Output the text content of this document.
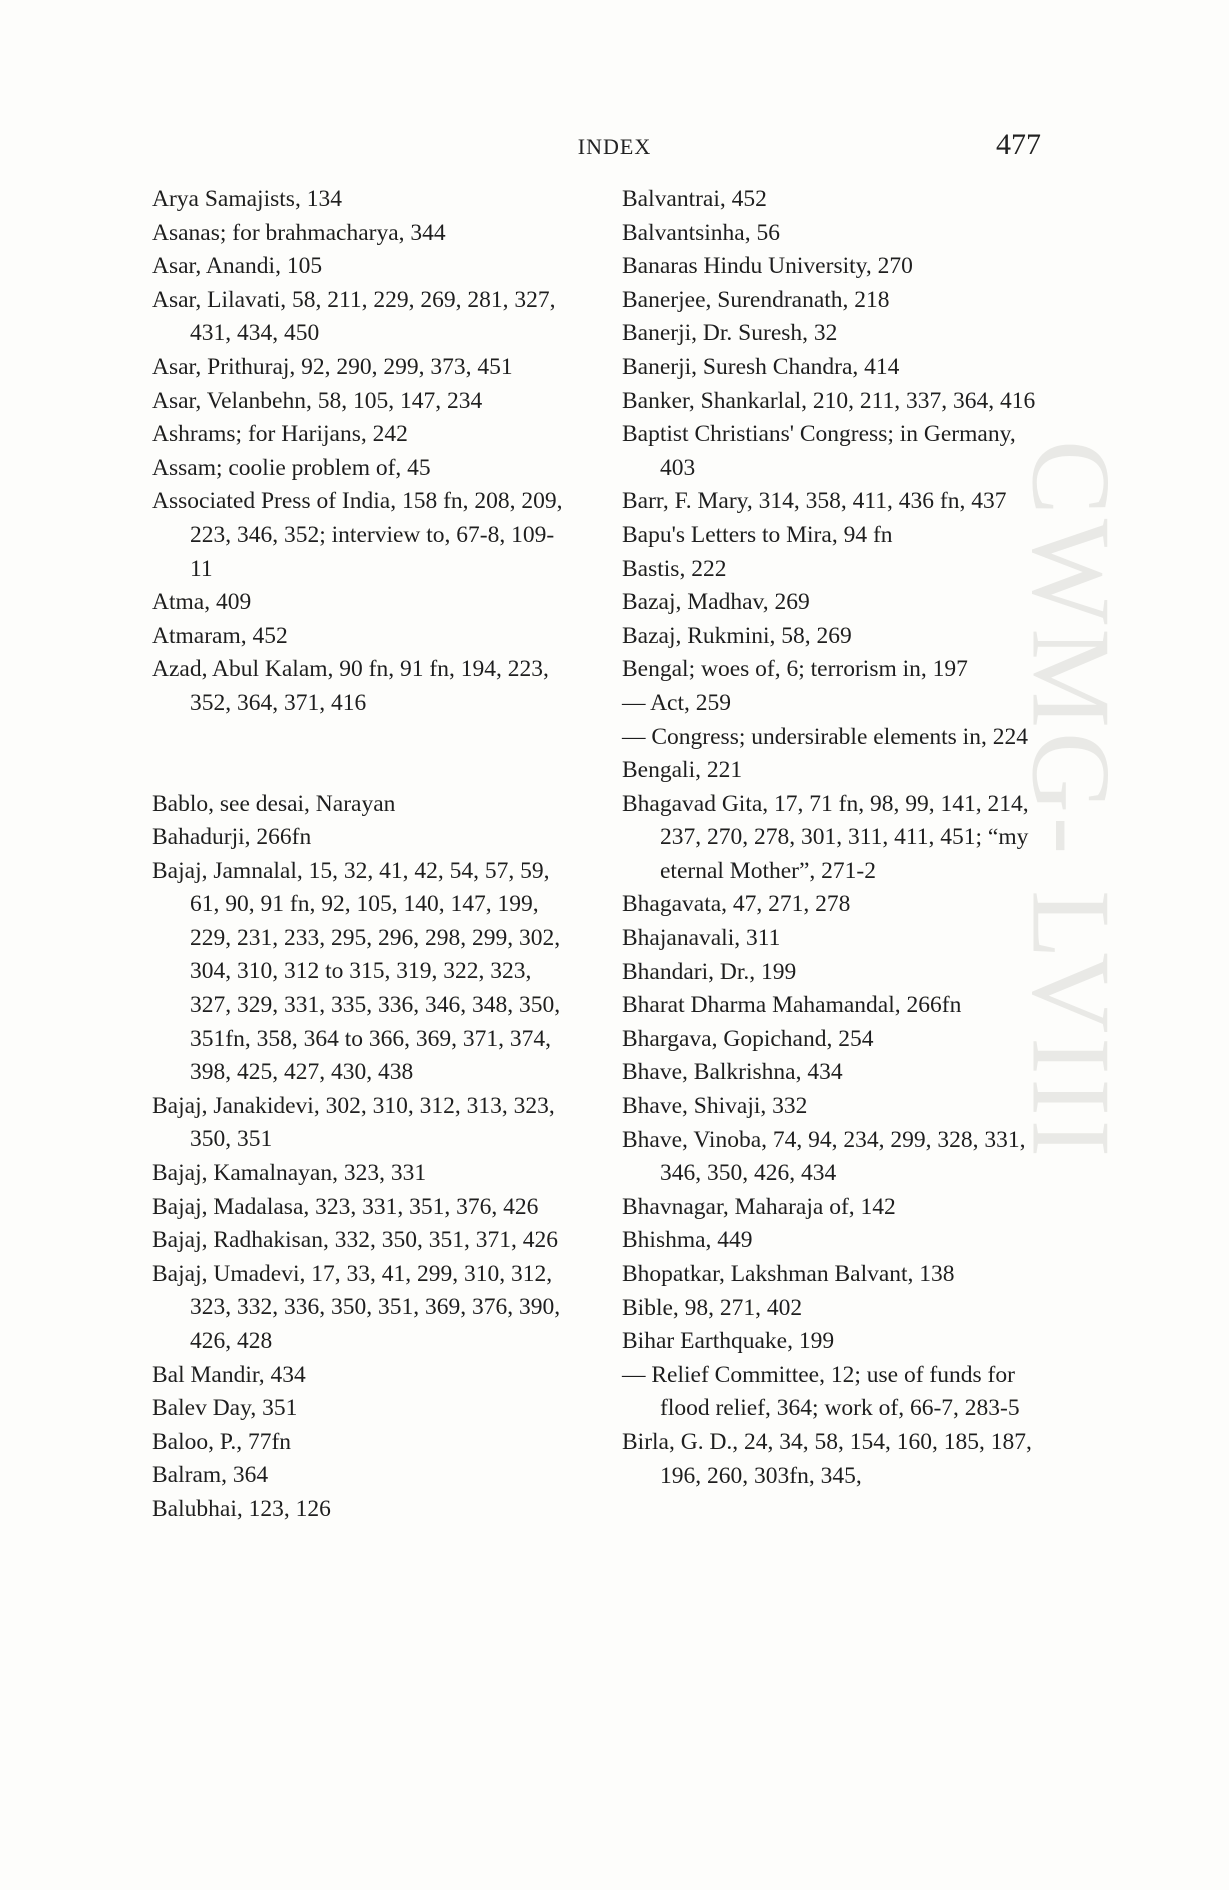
INDEX	477
CWMG- LVIII
Arya Samajists, 134
Asanas; for brahmacharya, 344
Asar, Anandi, 105
Asar, Lilavati, 58, 211, 229, 269, 281, 327, 431, 434, 450
Asar, Prithuraj, 92, 290, 299, 373, 451
Asar, Velanbehn, 58, 105, 147, 234
Ashrams; for Harijans, 242
Assam; coolie problem of, 45
Associated Press of India, 158 fn, 208, 209, 223, 346, 352; interview to, 67-8, 109-11
Atma, 409
Atmaram, 452
Azad, Abul Kalam, 90 fn, 91 fn, 194, 223, 352, 364, 371, 416
Bablo, see desai, Narayan
Bahadurji, 266fn
Bajaj, Jamnalal, 15, 32, 41, 42, 54, 57, 59, 61, 90, 91 fn, 92, 105, 140, 147, 199, 229, 231, 233, 295, 296, 298, 299, 302, 304, 310, 312 to 315, 319, 322, 323, 327, 329, 331, 335, 336, 346, 348, 350, 351fn, 358, 364 to 366, 369, 371, 374, 398, 425, 427, 430, 438
Bajaj, Janakidevi, 302, 310, 312, 313, 323, 350, 351
Bajaj, Kamalnayan, 323, 331
Bajaj, Madalasa, 323, 331, 351, 376, 426
Bajaj, Radhakisan, 332, 350, 351, 371, 426
Bajaj, Umadevi, 17, 33, 41, 299, 310, 312, 323, 332, 336, 350, 351, 369, 376, 390, 426, 428
Bal Mandir, 434
Balev Day, 351
Baloo, P., 77fn
Balram, 364
Balubhai, 123, 126
Balvantrai, 452
Balvantsinha, 56
Banaras Hindu University, 270
Banerjee, Surendranath, 218
Banerji, Dr. Suresh, 32
Banerji, Suresh Chandra, 414
Banker, Shankarlal, 210, 211, 337, 364, 416
Baptist Christians' Congress; in Germany, 403
Barr, F. Mary, 314, 358, 411, 436 fn, 437
Bapu's Letters to Mira, 94 fn
Bastis, 222
Bazaj, Madhav, 269
Bazaj, Rukmini, 58, 269
Bengal; woes of, 6; terrorism in, 197
— Act, 259
— Congress; undersirable elements in, 224
Bengali, 221
Bhagavad Gita, 17, 71 fn, 98, 99, 141, 214, 237, 270, 278, 301, 311, 411, 451; “my eternal Mother”, 271-2
Bhagavata, 47, 271, 278
Bhajanavali, 311
Bhandari, Dr., 199
Bharat Dharma Mahamandal, 266fn
Bhargava, Gopichand, 254
Bhave, Balkrishna, 434
Bhave, Shivaji, 332
Bhave, Vinoba, 74, 94, 234, 299, 328, 331, 346, 350, 426, 434
Bhavnagar, Maharaja of, 142
Bhishma, 449
Bhopatkar, Lakshman Balvant, 138
Bible, 98, 271, 402
Bihar Earthquake, 199
— Relief Committee, 12; use of funds for flood relief, 364; work of, 66-7, 283-5
Birla, G. D., 24, 34, 58, 154, 160, 185, 187, 196, 260, 303fn, 345,
